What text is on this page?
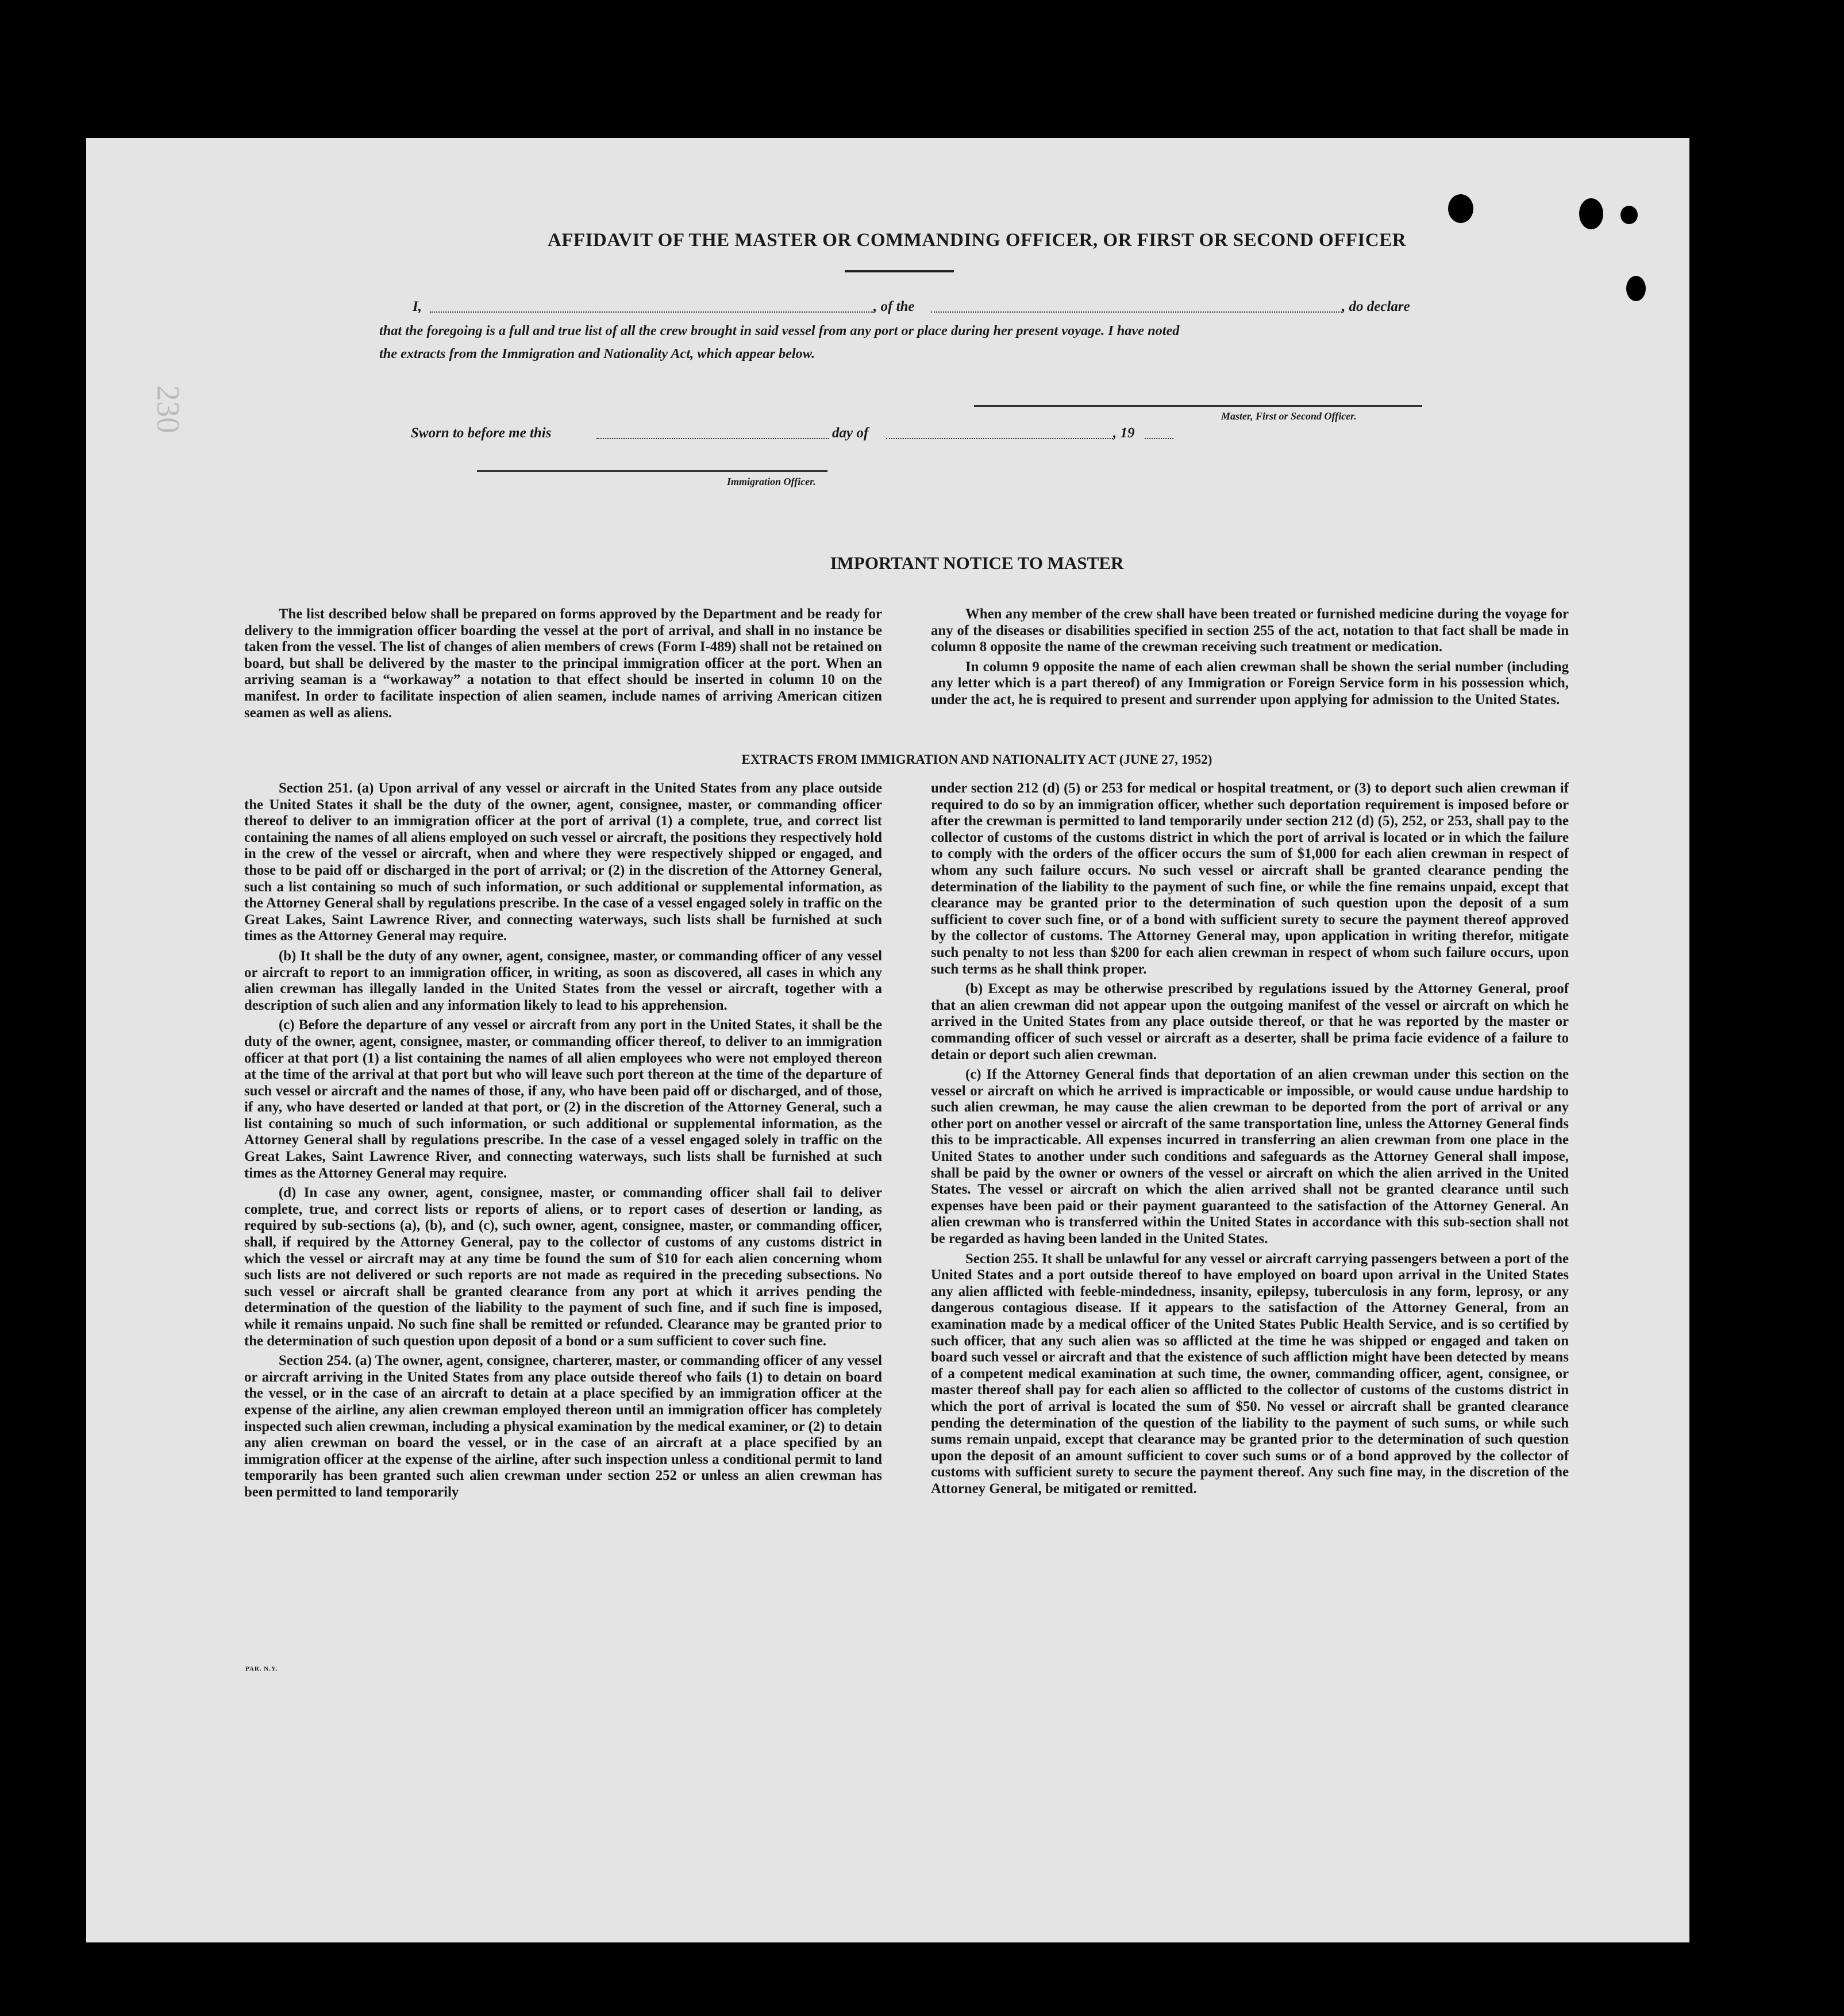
230
AFFIDAVIT OF THE MASTER OR COMMANDING OFFICER, OR FIRST OR SECOND OFFICER
I,	, of the	, do declare
that the foregoing is a full and true list of all the crew brought in said vessel from any port or place during her present voyage. I have noted
the extracts from the Immigration and Nationality Act, which appear below.
Master, First or Second Officer.
Sworn to before me this	day of	, 19
Immigration Officer.
IMPORTANT NOTICE TO MASTER

The list described below shall be prepared on forms approved by the Department and be ready for delivery to the immigration officer boarding the vessel at the port of arrival, and shall in no instance be taken from the vessel. The list of changes of alien members of crews (Form I-489) shall not be retained on board, but shall be delivered by the master to the principal immigration officer at the port. When an arriving seaman is a “workaway” a notation to that effect should be inserted in column 10 on the manifest. In order to facilitate inspection of alien seamen, include names of arriving American citizen seamen as well as aliens.

When any member of the crew shall have been treated or furnished medicine during the voyage for any of the diseases or disabilities specified in section 255 of the act, notation to that fact shall be made in column 8 opposite the name of the crewman receiving such treatment or medication.

In column 9 opposite the name of each alien crewman shall be shown the serial number (including any letter which is a part thereof) of any Immigration or Foreign Service form in his possession which, under the act, he is required to present and surrender upon applying for admission to the United States.

EXTRACTS FROM IMMIGRATION AND NATIONALITY ACT (JUNE 27, 1952)

Section 251. (a) Upon arrival of any vessel or aircraft in the United States from any place outside the United States it shall be the duty of the owner, agent, consignee, master, or commanding officer thereof to deliver to an immigration officer at the port of arrival (1) a complete, true, and correct list containing the names of all aliens employed on such vessel or aircraft, the positions they respectively hold in the crew of the vessel or aircraft, when and where they were respectively shipped or engaged, and those to be paid off or discharged in the port of arrival; or (2) in the discretion of the Attorney General, such a list containing so much of such information, or such additional or supplemental information, as the Attorney General shall by regulations prescribe. In the case of a vessel engaged solely in traffic on the Great Lakes, Saint Lawrence River, and connecting waterways, such lists shall be furnished at such times as the Attorney General may require.

(b) It shall be the duty of any owner, agent, consignee, master, or commanding officer of any vessel or aircraft to report to an immigration officer, in writing, as soon as discovered, all cases in which any alien crewman has illegally landed in the United States from the vessel or aircraft, together with a description of such alien and any information likely to lead to his apprehension.

(c) Before the departure of any vessel or aircraft from any port in the United States, it shall be the duty of the owner, agent, consignee, master, or commanding officer thereof, to deliver to an immigration officer at that port (1) a list containing the names of all alien employees who were not employed thereon at the time of the arrival at that port but who will leave such port thereon at the time of the departure of such vessel or aircraft and the names of those, if any, who have been paid off or discharged, and of those, if any, who have deserted or landed at that port, or (2) in the discretion of the Attorney General, such a list containing so much of such information, or such additional or supplemental information, as the Attorney General shall by regulations prescribe. In the case of a vessel engaged solely in traffic on the Great Lakes, Saint Lawrence River, and connecting waterways, such lists shall be furnished at such times as the Attorney General may require.

(d) In case any owner, agent, consignee, master, or commanding officer shall fail to deliver complete, true, and correct lists or reports of aliens, or to report cases of desertion or landing, as required by sub-sections (a), (b), and (c), such owner, agent, consignee, master, or commanding officer, shall, if required by the Attorney General, pay to the collector of customs of any customs district in which the vessel or aircraft may at any time be found the sum of $10 for each alien concerning whom such lists are not delivered or such reports are not made as required in the preceding subsections. No such vessel or aircraft shall be granted clearance from any port at which it arrives pending the determination of the question of the liability to the payment of such fine, and if such fine is imposed, while it remains unpaid. No such fine shall be remitted or refunded. Clearance may be granted prior to the determination of such question upon deposit of a bond or a sum sufficient to cover such fine.

Section 254. (a) The owner, agent, consignee, charterer, master, or commanding officer of any vessel or aircraft arriving in the United States from any place outside thereof who fails (1) to detain on board the vessel, or in the case of an aircraft to detain at a place specified by an immigration officer at the expense of the airline, any alien crewman employed thereon until an immigration officer has completely inspected such alien crewman, including a physical examination by the medical examiner, or (2) to detain any alien crewman on board the vessel, or in the case of an aircraft at a place specified by an immigration officer at the expense of the airline, after such inspection unless a conditional permit to land temporarily has been granted such alien crewman under section 252 or unless an alien crewman has been permitted to land temporarily

under section 212 (d) (5) or 253 for medical or hospital treatment, or (3) to deport such alien crewman if required to do so by an immigration officer, whether such deportation requirement is imposed before or after the crewman is permitted to land temporarily under section 212 (d) (5), 252, or 253, shall pay to the collector of customs of the customs district in which the port of arrival is located or in which the failure to comply with the orders of the officer occurs the sum of $1,000 for each alien crewman in respect of whom any such failure occurs. No such vessel or aircraft shall be granted clearance pending the determination of the liability to the payment of such fine, or while the fine remains unpaid, except that clearance may be granted prior to the determination of such question upon the deposit of a sum sufficient to cover such fine, or of a bond with sufficient surety to secure the payment thereof approved by the collector of customs. The Attorney General may, upon application in writing therefor, mitigate such penalty to not less than $200 for each alien crewman in respect of whom such failure occurs, upon such terms as he shall think proper.

(b) Except as may be otherwise prescribed by regulations issued by the Attorney General, proof that an alien crewman did not appear upon the outgoing manifest of the vessel or aircraft on which he arrived in the United States from any place outside thereof, or that he was reported by the master or commanding officer of such vessel or aircraft as a deserter, shall be prima facie evidence of a failure to detain or deport such alien crewman.

(c) If the Attorney General finds that deportation of an alien crewman under this section on the vessel or aircraft on which he arrived is impracticable or impossible, or would cause undue hardship to such alien crewman, he may cause the alien crewman to be deported from the port of arrival or any other port on another vessel or aircraft of the same transportation line, unless the Attorney General finds this to be impracticable. All expenses incurred in transferring an alien crewman from one place in the United States to another under such conditions and safeguards as the Attorney General shall impose, shall be paid by the owner or owners of the vessel or aircraft on which the alien arrived in the United States. The vessel or aircraft on which the alien arrived shall not be granted clearance until such expenses have been paid or their payment guaranteed to the satisfaction of the Attorney General. An alien crewman who is transferred within the United States in accordance with this sub-section shall not be regarded as having been landed in the United States.

Section 255. It shall be unlawful for any vessel or aircraft carrying passengers between a port of the United States and a port outside thereof to have employed on board upon arrival in the United States any alien afflicted with feeble-mindedness, insanity, epilepsy, tuberculosis in any form, leprosy, or any dangerous contagious disease. If it appears to the satisfaction of the Attorney General, from an examination made by a medical officer of the United States Public Health Service, and is so certified by such officer, that any such alien was so afflicted at the time he was shipped or engaged and taken on board such vessel or aircraft and that the existence of such affliction might have been detected by means of a competent medical examination at such time, the owner, commanding officer, agent, consignee, or master thereof shall pay for each alien so afflicted to the collector of customs of the customs district in which the port of arrival is located the sum of $50. No vessel or aircraft shall be granted clearance pending the determination of the question of the liability to the payment of such sums, or while such sums remain unpaid, except that clearance may be granted prior to the determination of such question upon the deposit of an amount sufficient to cover such sums or of a bond approved by the collector of customs with sufficient surety to secure the payment thereof. Any such fine may, in the discretion of the Attorney General, be mitigated or remitted.

PAR. N.Y.
· · · · · · · ·
